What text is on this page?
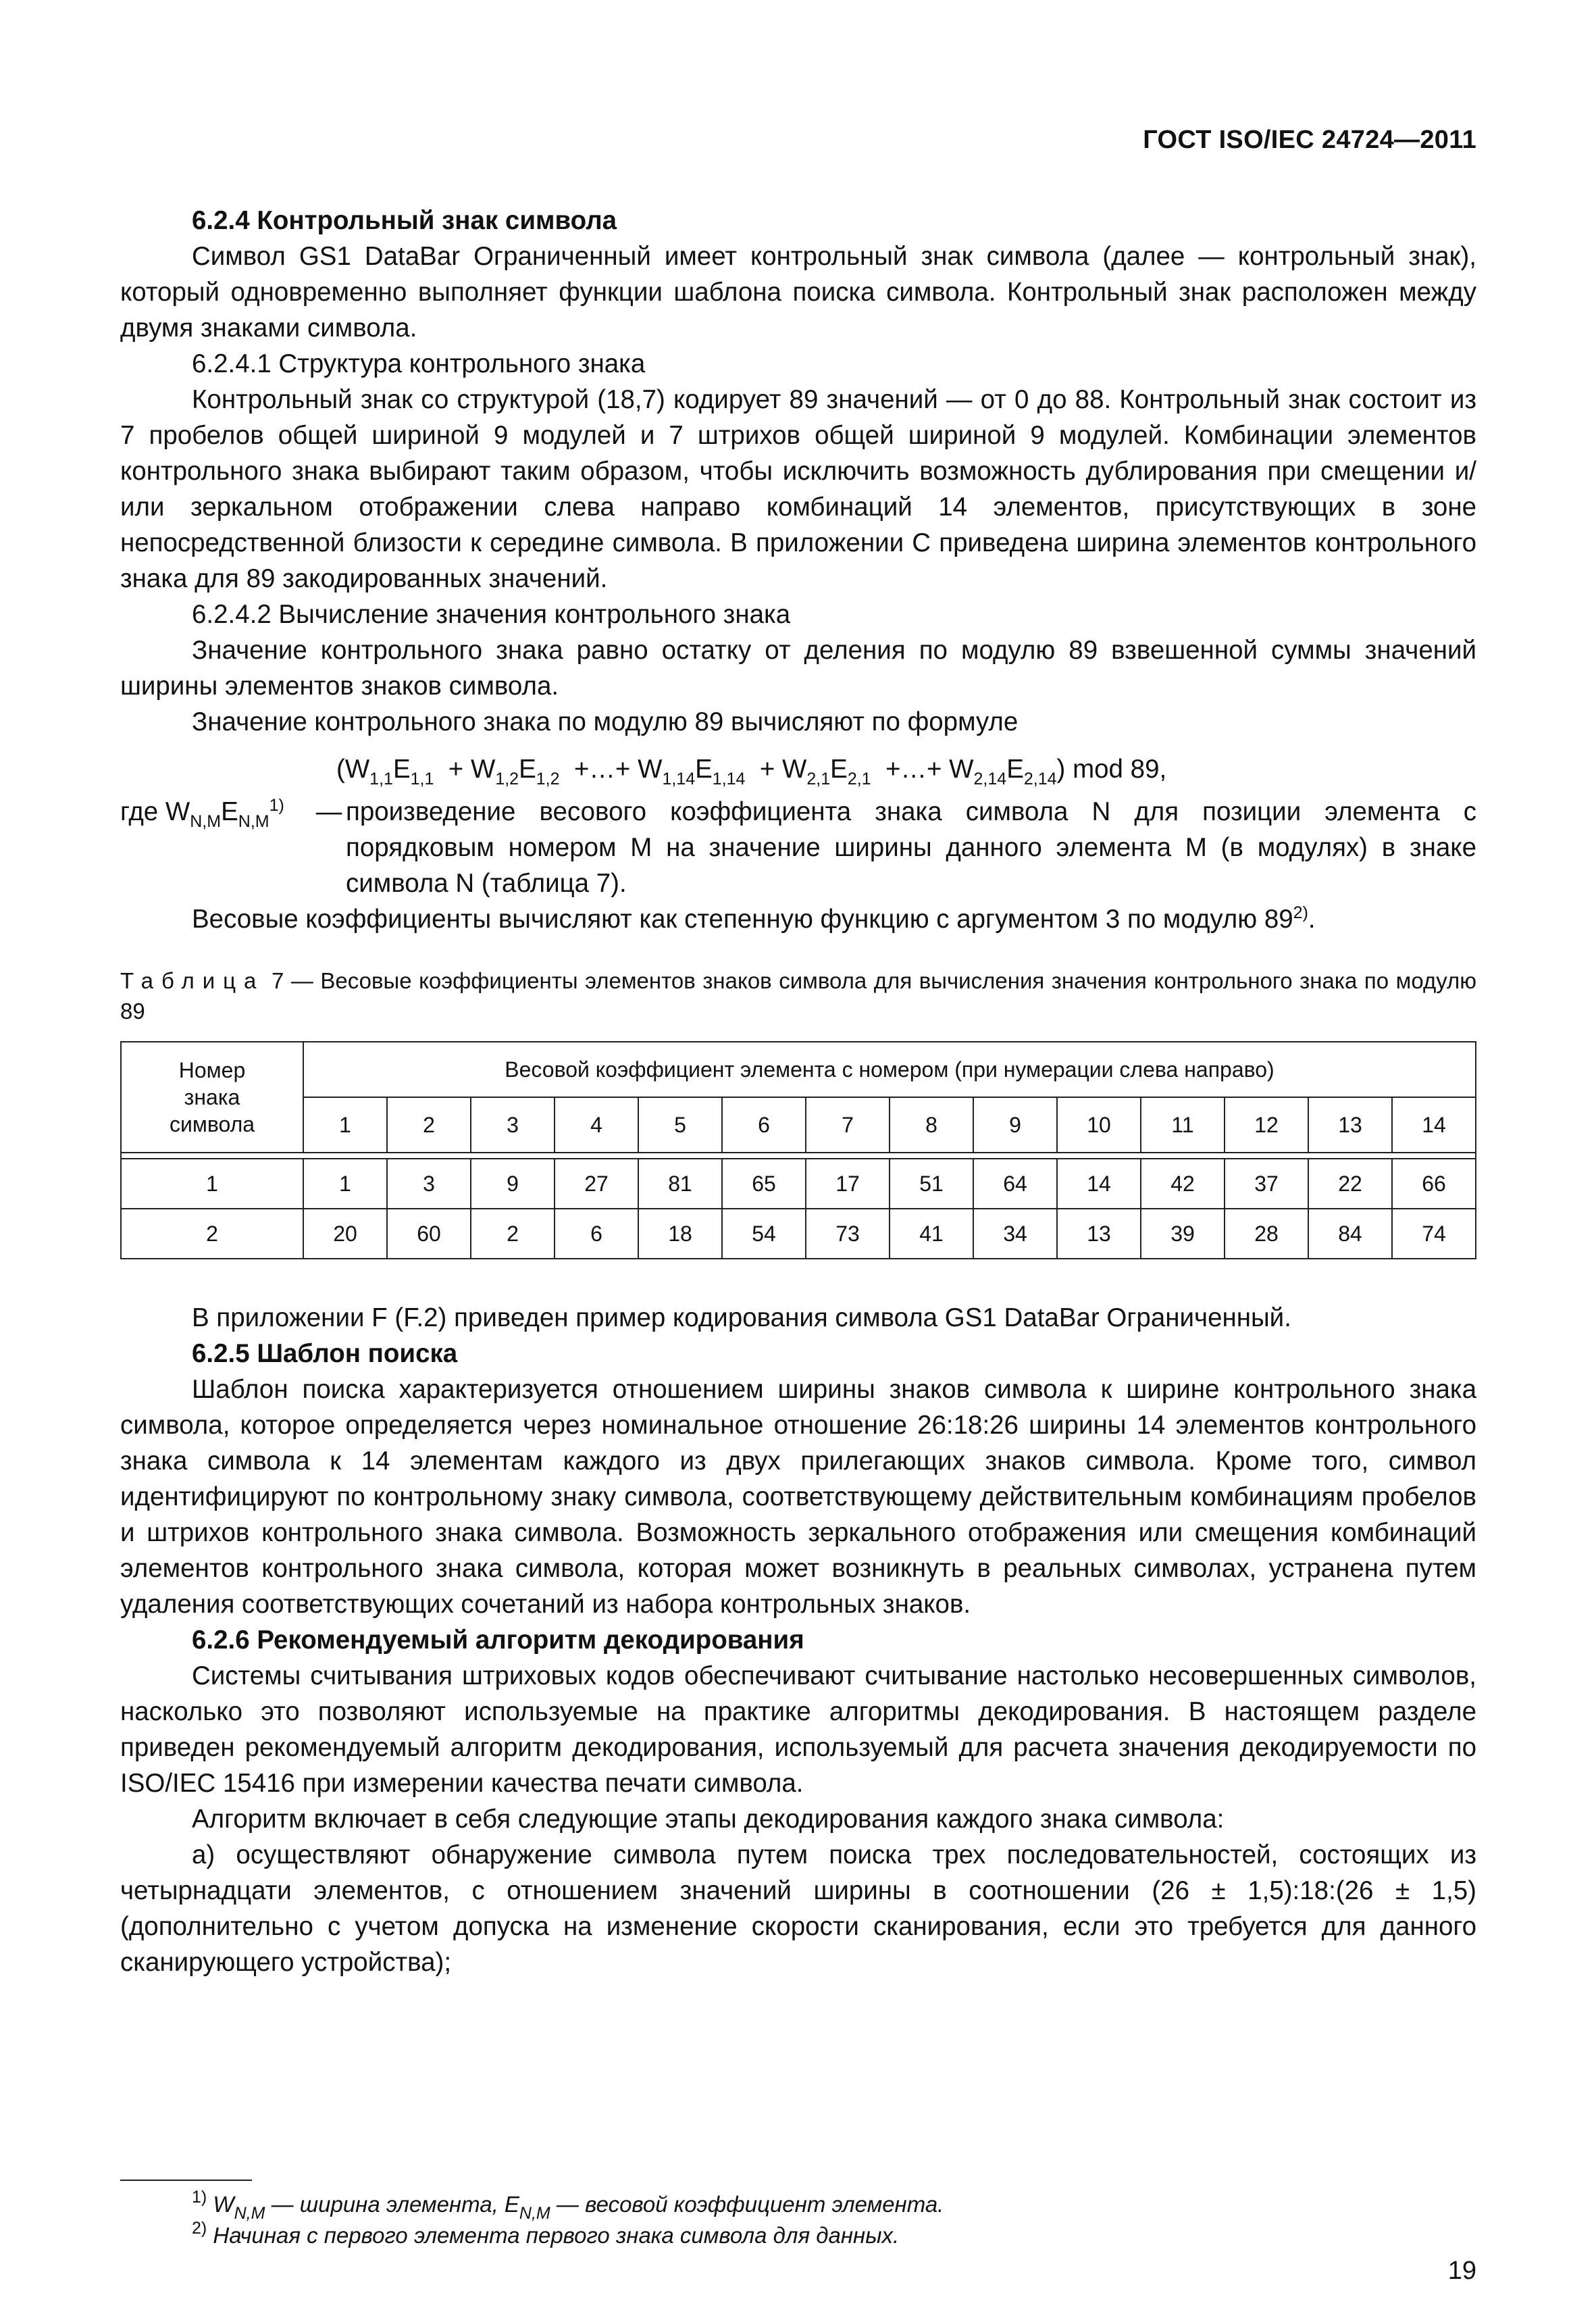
ГОСТ ISO/IEC 24724—2011

6.2.4 Контрольный знак символа

Символ GS1 DataBar Ограниченный имеет контрольный знак символа (далее — контрольный знак), который одновременно выполняет функции шаблона поиска символа. Контрольный знак расположен между двумя знаками символа.

6.2.4.1 Структура контрольного знака

Контрольный знак со структурой (18,7) кодирует 89 значений — от 0 до 88. Контрольный знак состоит из 7 пробелов общей шириной 9 модулей и 7 штрихов общей шириной 9 модулей. Комбинации элементов контрольного знака выбирают таким образом, чтобы исключить возможность дублирования при смещении и/или зеркальном отображении слева направо комбинаций 14 элементов, присутствующих в зоне непосредственной близости к середине символа. В приложении С приведена ширина элементов контрольного знака для 89 закодированных значений.

6.2.4.2 Вычисление значения контрольного знака

Значение контрольного знака равно остатку от деления по модулю 89 взвешенной суммы значений ширины элементов знаков символа.

Значение контрольного знака по модулю 89 вычисляют по формуле

($W_{1,1}E_{1,1} + W_{1,2}E_{1,2}$  +…+ $W_{1,14}E_{1,14} + W_{2,1}E_{2,1}$  +…+ $W_{2,14}E_{2,14}$) mod 89,
где $W_{N,M}E_{N,M}^{1)}$	— произведение весового коэффициента знака символа N для позиции элемента с порядковым номером M на значение ширины данного элемента M (в модулях) в знаке символа N (таблица 7).

Весовые коэффициенты вычисляют как степенную функцию с аргументом 3 по модулю 89$^{2)}$.

Таблица 7 — Весовые коэффициенты элементов знаков символа для вычисления значения контрольного знака по модулю 89
Номер знака символа	Весовой коэффициент элемента с номером (при нумерации слева направо)													
	1	2	3	4	5	6	7	8	9	10	11	12	13	14

1	1	3	9	27	81	65	17	51	64	14	42	37	22	66
2	20	60	2	6	18	54	73	41	34	13	39	28	84	74

В приложении F (F.2) приведен пример кодирования символа GS1 DataBar Ограниченный.

6.2.5 Шаблон поиска

Шаблон поиска характеризуется отношением ширины знаков символа к ширине контрольного знака символа, которое определяется через номинальное отношение 26:18:26 ширины 14 элементов контрольного знака символа к 14 элементам каждого из двух прилегающих знаков символа. Кроме того, символ идентифицируют по контрольному знаку символа, соответствующему действительным комбинациям пробелов и штрихов контрольного знака символа. Возможность зеркального отображения или смещения комбинаций элементов контрольного знака символа, которая может возникнуть в реальных символах, устранена путем удаления соответствующих сочетаний из набора контрольных знаков.

6.2.6 Рекомендуемый алгоритм декодирования

Системы считывания штриховых кодов обеспечивают считывание настолько несовершенных символов, насколько это позволяют используемые на практике алгоритмы декодирования. В настоящем разделе приведен рекомендуемый алгоритм декодирования, используемый для расчета значения декодируемости по ISO/IEC 15416 при измерении качества печати символа.

Алгоритм включает в себя следующие этапы декодирования каждого знака символа:

а) осуществляют обнаружение символа путем поиска трех последовательностей, состоящих из четырнадцати элементов, с отношением значений ширины в соотношении (26 ± 1,5):18:(26 ± 1,5) (дополнительно с учетом допуска на изменение скорости сканирования, если это требуется для данного сканирующего устройства);

$^{1)}$ $W_{N,M}$ — ширина элемента, $E_{N,M}$ — весовой коэффициент элемента.
$^{2)}$ Начиная с первого элемента первого знака символа для данных.
19
